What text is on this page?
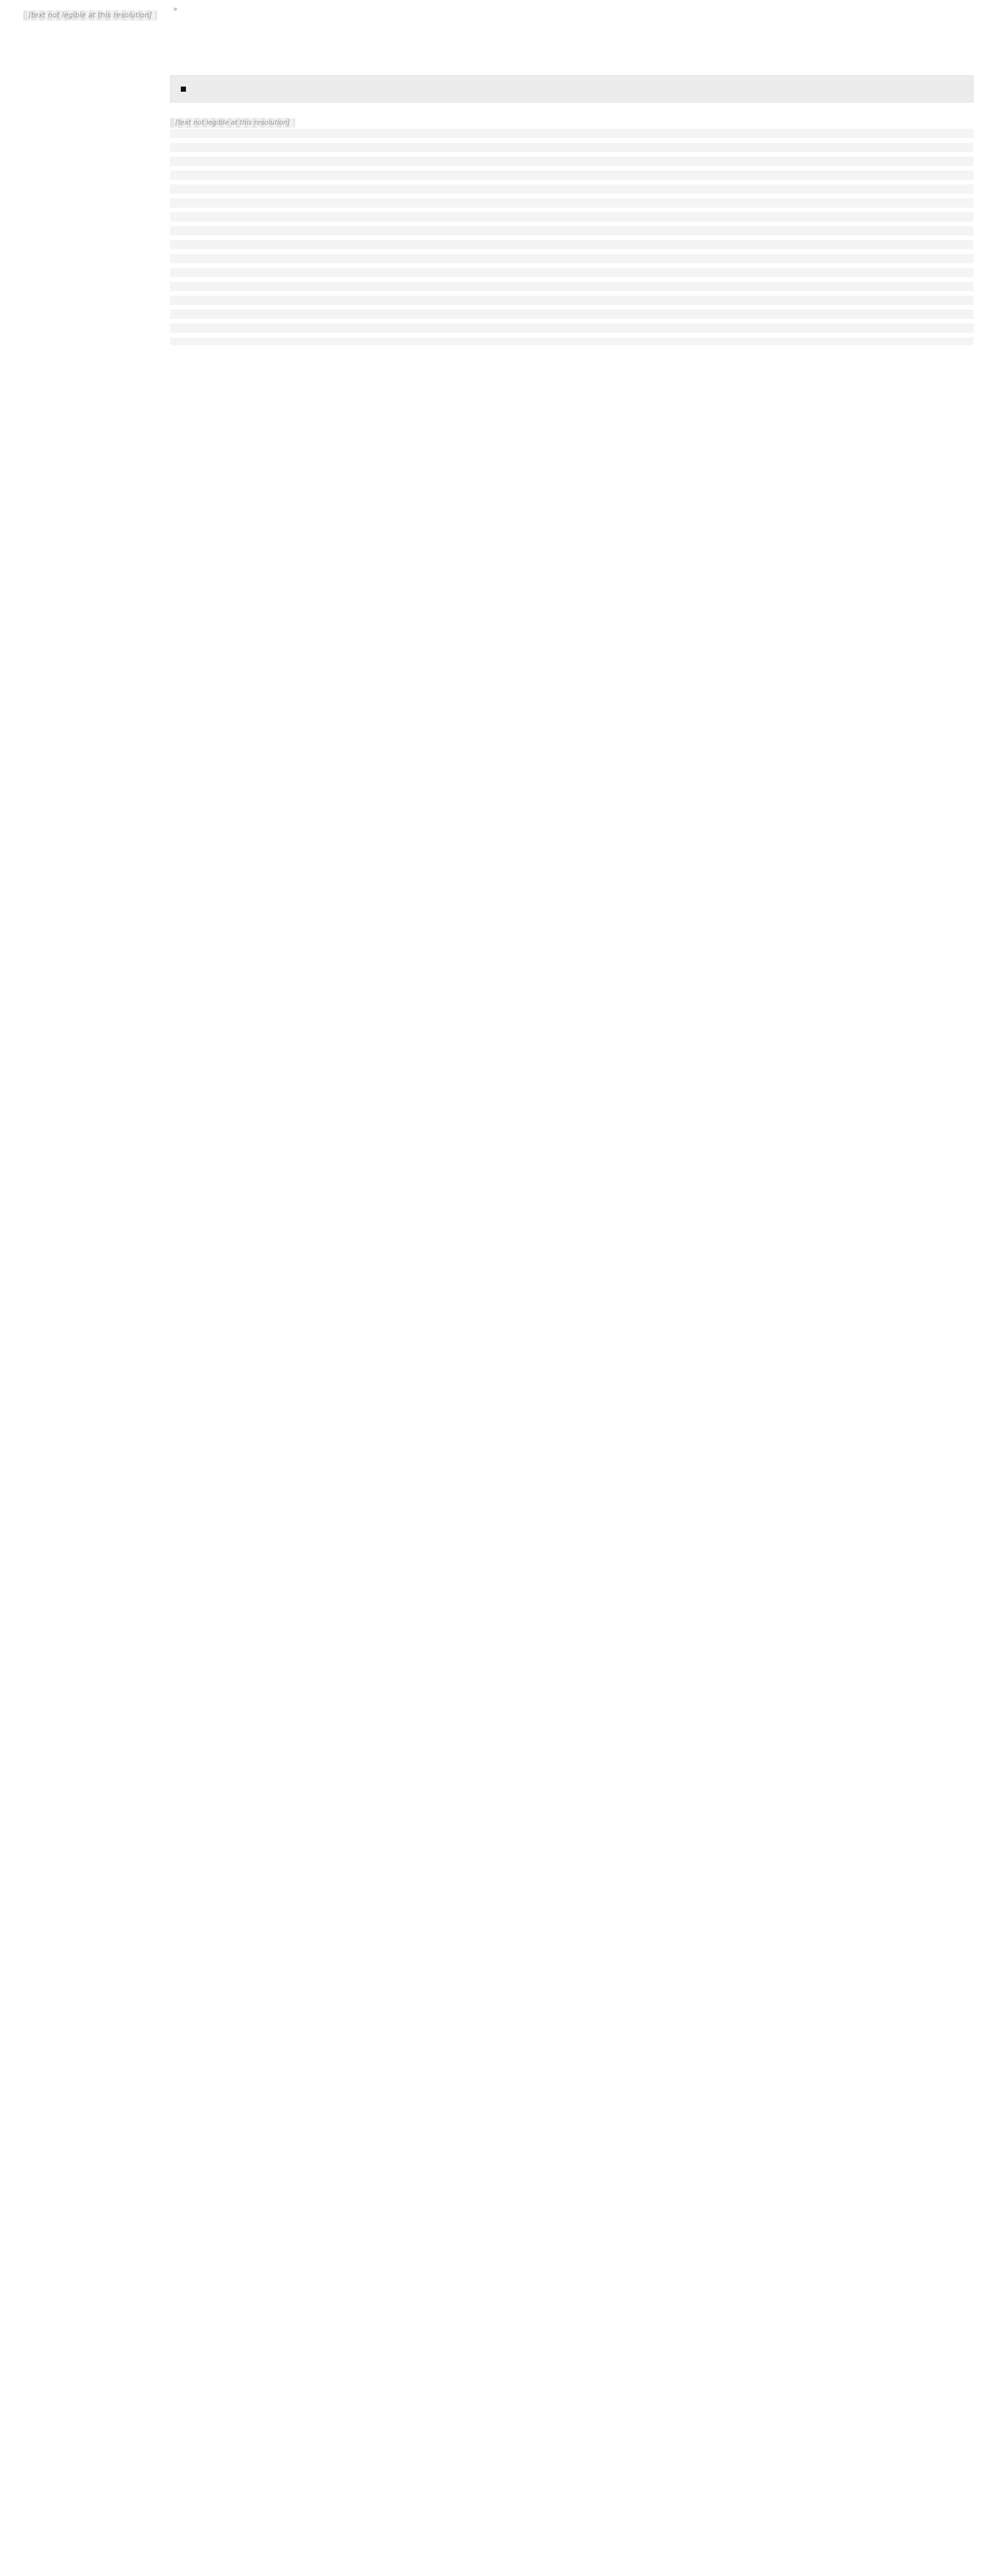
[text not legible at this resolution]
»
[text not legible at this resolution]
